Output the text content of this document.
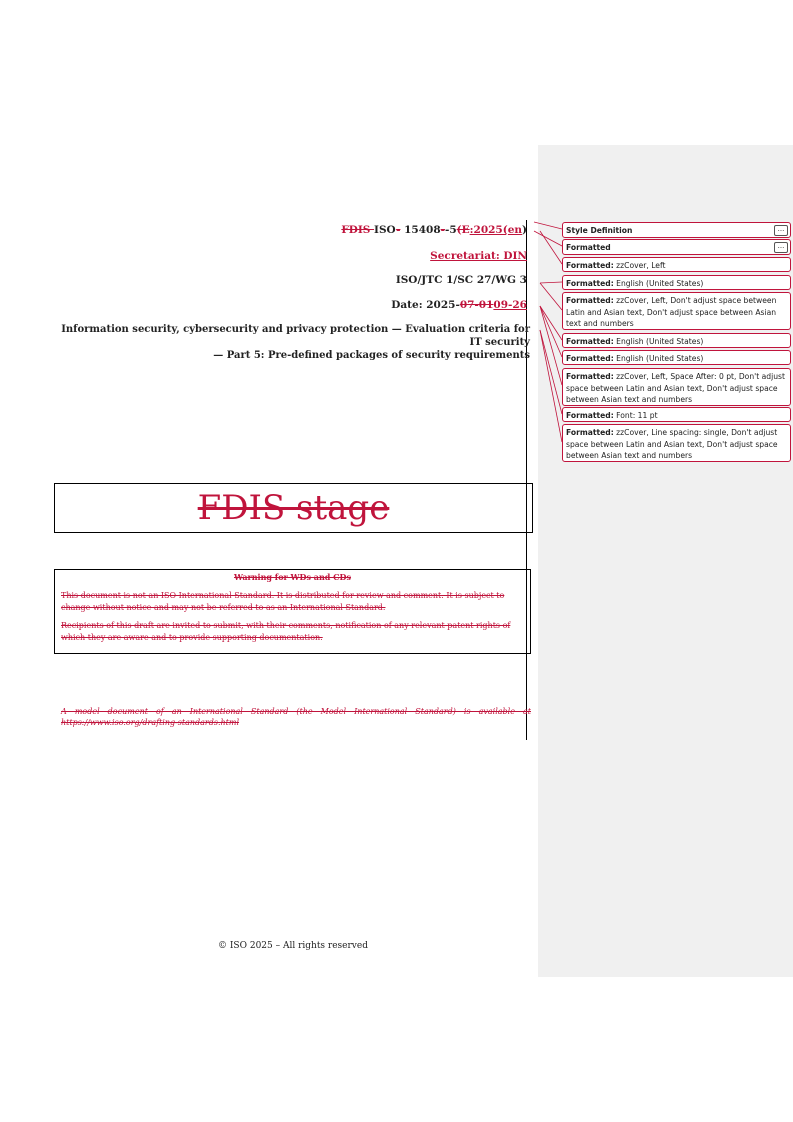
FDIS ISO- 15408--5(E:2025(en)
Secretariat: DIN
ISO/JTC 1/SC 27/WG 3
Date: 2025-07-0109-26
Information security, cybersecurity and privacy protection — Evaluation criteria for IT security
— Part 5: Pre-defined packages of security requirements
FDIS stage
Warning for WDs and CDs

This document is not an ISO International Standard. It is distributed for review and comment. It is subject to change without notice and may not be referred to as an International Standard.

Recipients of this draft are invited to submit, with their comments, notification of any relevant patent rights of which they are aware and to provide supporting documentation.

A model document of an International Standard (the Model International Standard) is available at https://www.iso.org/drafting-standards.html
© ISO 2025 – All rights reserved
Style Definition	...
Formatted	...
Formatted: zzCover, Left
Formatted: English (United States)
Formatted: zzCover, Left, Don't adjust space between Latin and Asian text, Don't adjust space between Asian text and numbers
Formatted: English (United States)
Formatted: English (United States)
Formatted: zzCover, Left, Space After: 0 pt, Don't adjust space between Latin and Asian text, Don't adjust space between Asian text and numbers
Formatted: Font: 11 pt
Formatted: zzCover, Line spacing: single, Don't adjust space between Latin and Asian text, Don't adjust space between Asian text and numbers
